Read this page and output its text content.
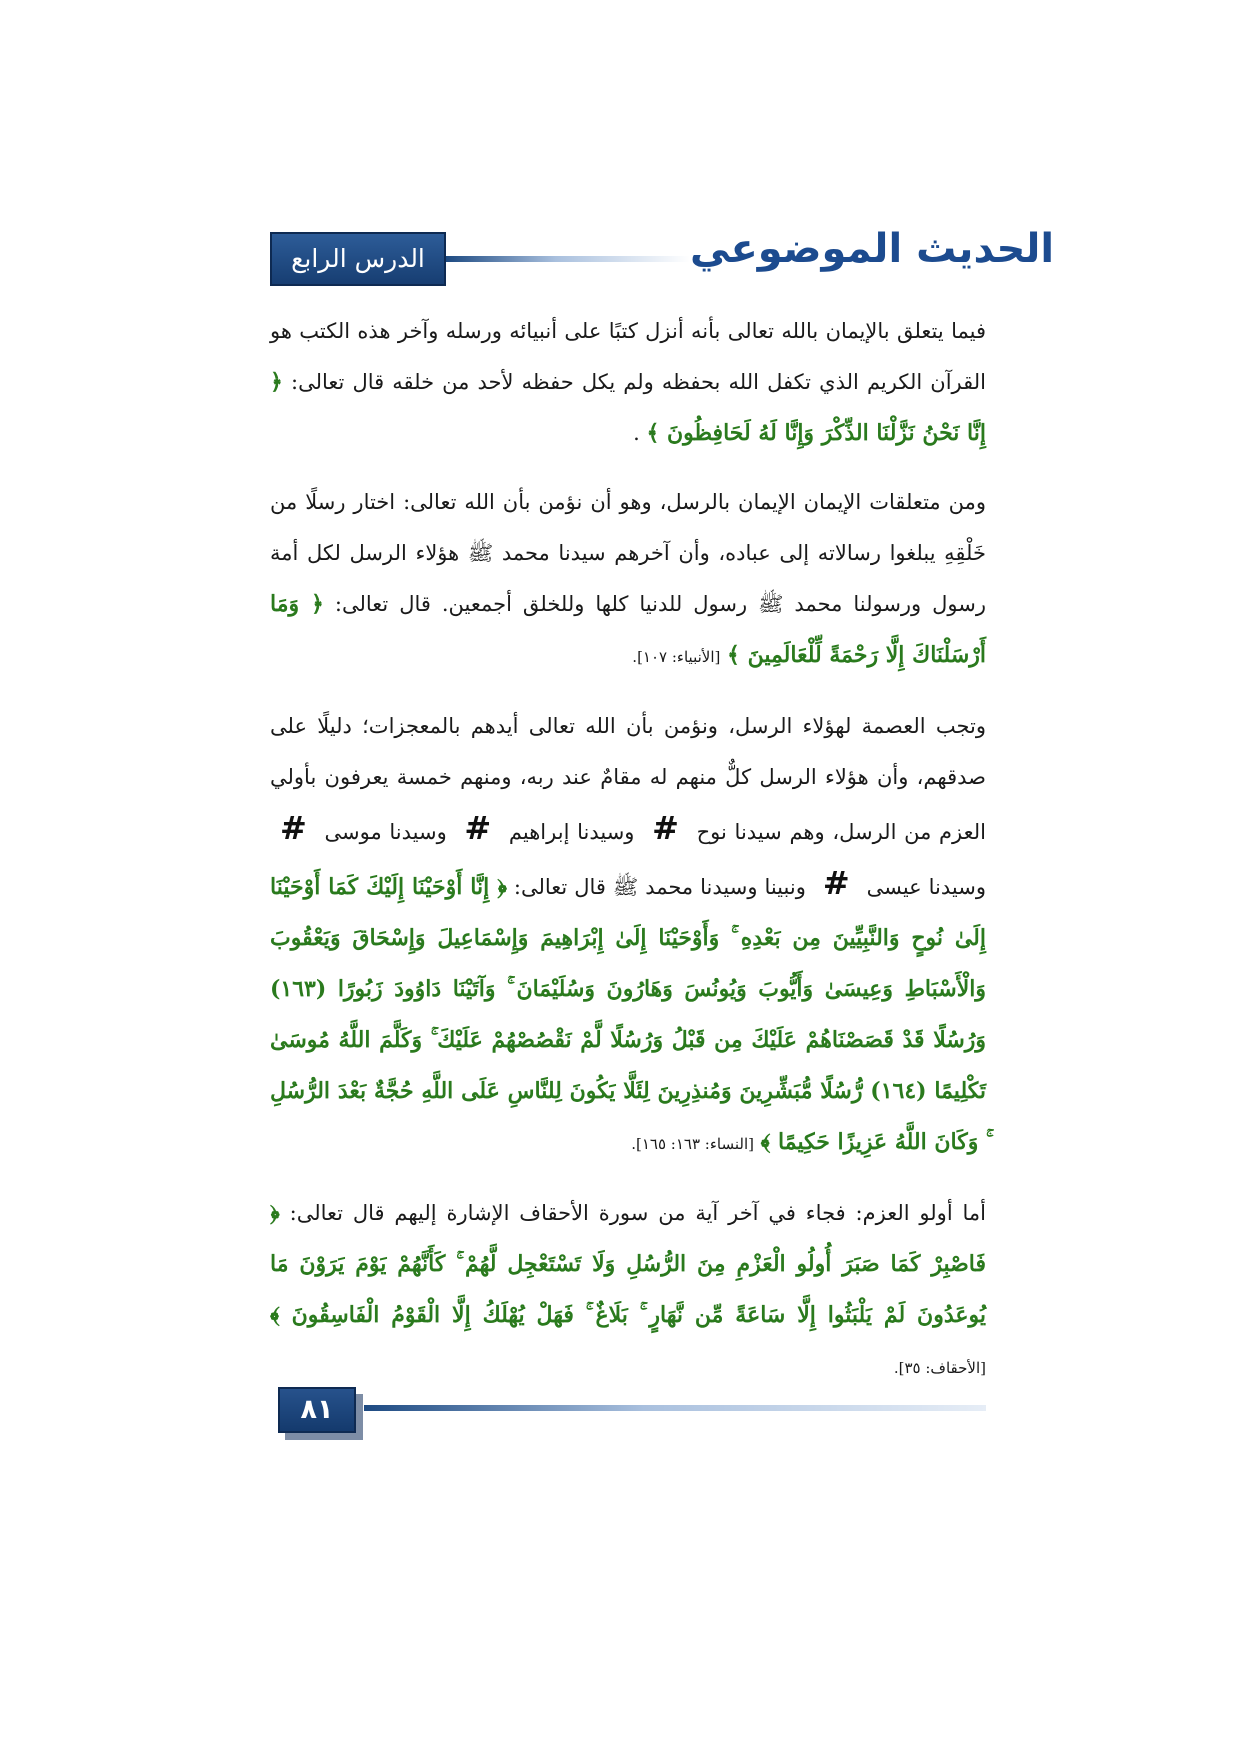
الدرس الرابع	الحديث الموضوعي

فيما يتعلق بالإيمان بالله تعالى بأنه أنزل كتبًا على أنبيائه ورسله وآخر هذه الكتب هو القرآن الكريم الذي تكفل الله بحفظه ولم يكل حفظه لأحد من خلقه قال تعالى: ﴿ إِنَّا نَحْنُ نَزَّلْنَا الذِّكْرَ وَإِنَّا لَهُ لَحَافِظُونَ ﴾ .

ومن متعلقات الإيمان الإيمان بالرسل، وهو أن نؤمن بأن الله تعالى: اختار رسلًا من خَلْقِهِ يبلغوا رسالاته إلى عباده، وأن آخرهم سيدنا محمد ﷺ هؤلاء الرسل لكل أمة رسول ورسولنا محمد ﷺ رسول للدنيا كلها وللخلق أجمعين. قال تعالى: ﴿ وَمَا أَرْسَلْنَاكَ إِلَّا رَحْمَةً لِّلْعَالَمِينَ ﴾ [الأنبياء: ١٠٧].

وتجب العصمة لهؤلاء الرسل، ونؤمن بأن الله تعالى أيدهم بالمعجزات؛ دليلًا على صدقهم، وأن هؤلاء الرسل كلٌّ منهم له مقامٌ عند ربه، ومنهم خمسة يعرفون بأولي العزم من الرسل، وهم سيدنا نوح # وسيدنا إبراهيم # وسيدنا موسى # وسيدنا عيسى # ونبينا وسيدنا محمد ﷺ قال تعالى: ﴿ إِنَّا أَوْحَيْنَا إِلَيْكَ كَمَا أَوْحَيْنَا إِلَىٰ نُوحٍ وَالنَّبِيِّينَ مِن بَعْدِهِ ۚ وَأَوْحَيْنَا إِلَىٰ إِبْرَاهِيمَ وَإِسْمَاعِيلَ وَإِسْحَاقَ وَيَعْقُوبَ وَالْأَسْبَاطِ وَعِيسَىٰ وَأَيُّوبَ وَيُونُسَ وَهَارُونَ وَسُلَيْمَانَ ۚ وَآتَيْنَا دَاوُودَ زَبُورًا (١٦٣) وَرُسُلًا قَدْ قَصَصْنَاهُمْ عَلَيْكَ مِن قَبْلُ وَرُسُلًا لَّمْ نَقْصُصْهُمْ عَلَيْكَ ۚ وَكَلَّمَ اللَّهُ مُوسَىٰ تَكْلِيمًا (١٦٤) رُّسُلًا مُّبَشِّرِينَ وَمُنذِرِينَ لِئَلَّا يَكُونَ لِلنَّاسِ عَلَى اللَّهِ حُجَّةٌ بَعْدَ الرُّسُلِ ۚ وَكَانَ اللَّهُ عَزِيزًا حَكِيمًا ﴾ [النساء: ١٦٣: ١٦٥].

أما أولو العزم: فجاء في آخر آية من سورة الأحقاف الإشارة إليهم قال تعالى: ﴿ فَاصْبِرْ كَمَا صَبَرَ أُولُو الْعَزْمِ مِنَ الرُّسُلِ وَلَا تَسْتَعْجِل لَّهُمْ ۚ كَأَنَّهُمْ يَوْمَ يَرَوْنَ مَا يُوعَدُونَ لَمْ يَلْبَثُوا إِلَّا سَاعَةً مِّن نَّهَارٍ ۚ بَلَاغٌ ۚ فَهَلْ يُهْلَكُ إِلَّا الْقَوْمُ الْفَاسِقُونَ ﴾ [الأحقاف: ٣٥].

٨١
